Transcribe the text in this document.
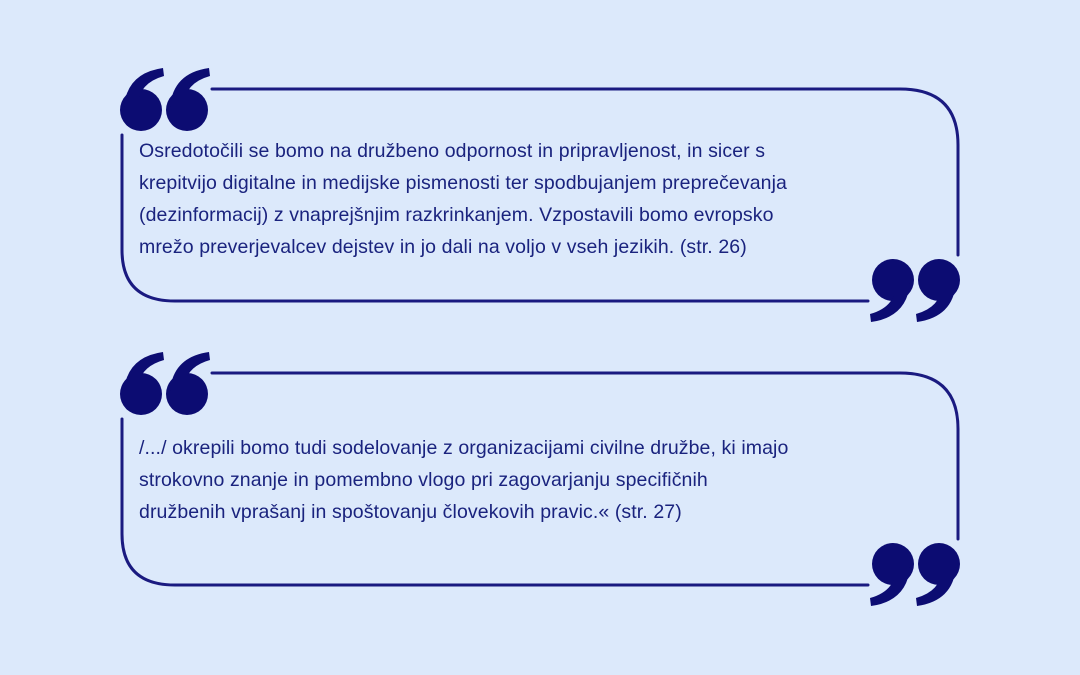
Osredotočili se bomo na družbeno odpornost in pripravljenost, in sicer s
krepitvijo digitalne in medijske pismenosti ter spodbujanjem preprečevanja
(dezinformacij) z vnaprejšnjim razkrinkanjem. Vzpostavili bomo evropsko
mrežo preverjevalcev dejstev in jo dali na voljo v vseh jezikih. (str. 26)

/.../ okrepili bomo tudi sodelovanje z organizacijami civilne družbe, ki imajo
strokovno znanje in pomembno vlogo pri zagovarjanju specifičnih
družbenih vprašanj in spoštovanju človekovih pravic.« (str. 27)
